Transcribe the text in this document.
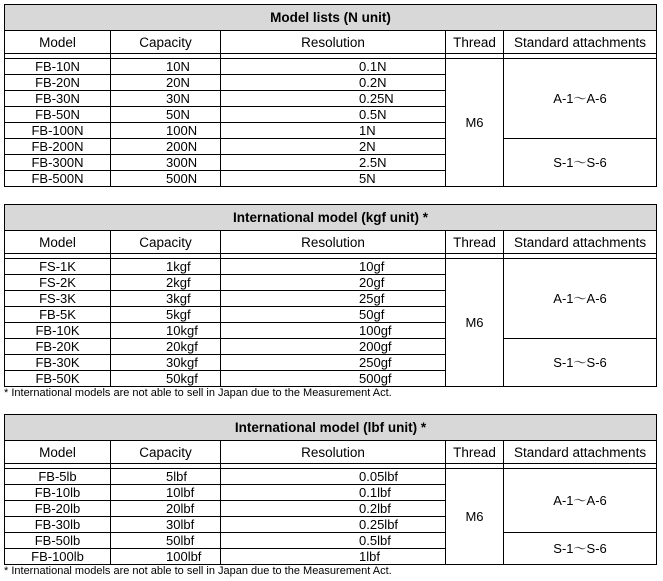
Model lists (N unit)				
Model	Capacity	Resolution	Thread	Standard attachments

FB-10N	10N	0.1N	M6	A-1～A-6
FB-20N	20N	0.2N		
FB-30N	30N	0.25N		
FB-50N	50N	0.5N		
FB-100N	100N	1N		
FB-200N	200N	2N		S-1～S-6
FB-300N	300N	2.5N		
FB-500N	500N	5N		
International model (kgf unit) *				
Model	Capacity	Resolution	Thread	Standard attachments

FS-1K	1kgf	10gf	M6	A-1～A-6
FS-2K	2kgf	20gf		
FS-3K	3kgf	25gf		
FB-5K	5kgf	50gf		
FB-10K	10kgf	100gf		
FB-20K	20kgf	200gf		S-1～S-6
FB-30K	30kgf	250gf		
FB-50K	50kgf	500gf		
* International models are not able to sell in Japan due to the Measurement Act.
International model (lbf unit) *				
Model	Capacity	Resolution	Thread	Standard attachments

FB-5lb	5lbf	0.05lbf	M6	A-1～A-6
FB-10lb	10lbf	0.1lbf		
FB-20lb	20lbf	0.2lbf		
FB-30lb	30lbf	0.25lbf		
FB-50lb	50lbf	0.5lbf		S-1～S-6
FB-100lb	100lbf	1lbf		
* International models are not able to sell in Japan due to the Measurement Act.
